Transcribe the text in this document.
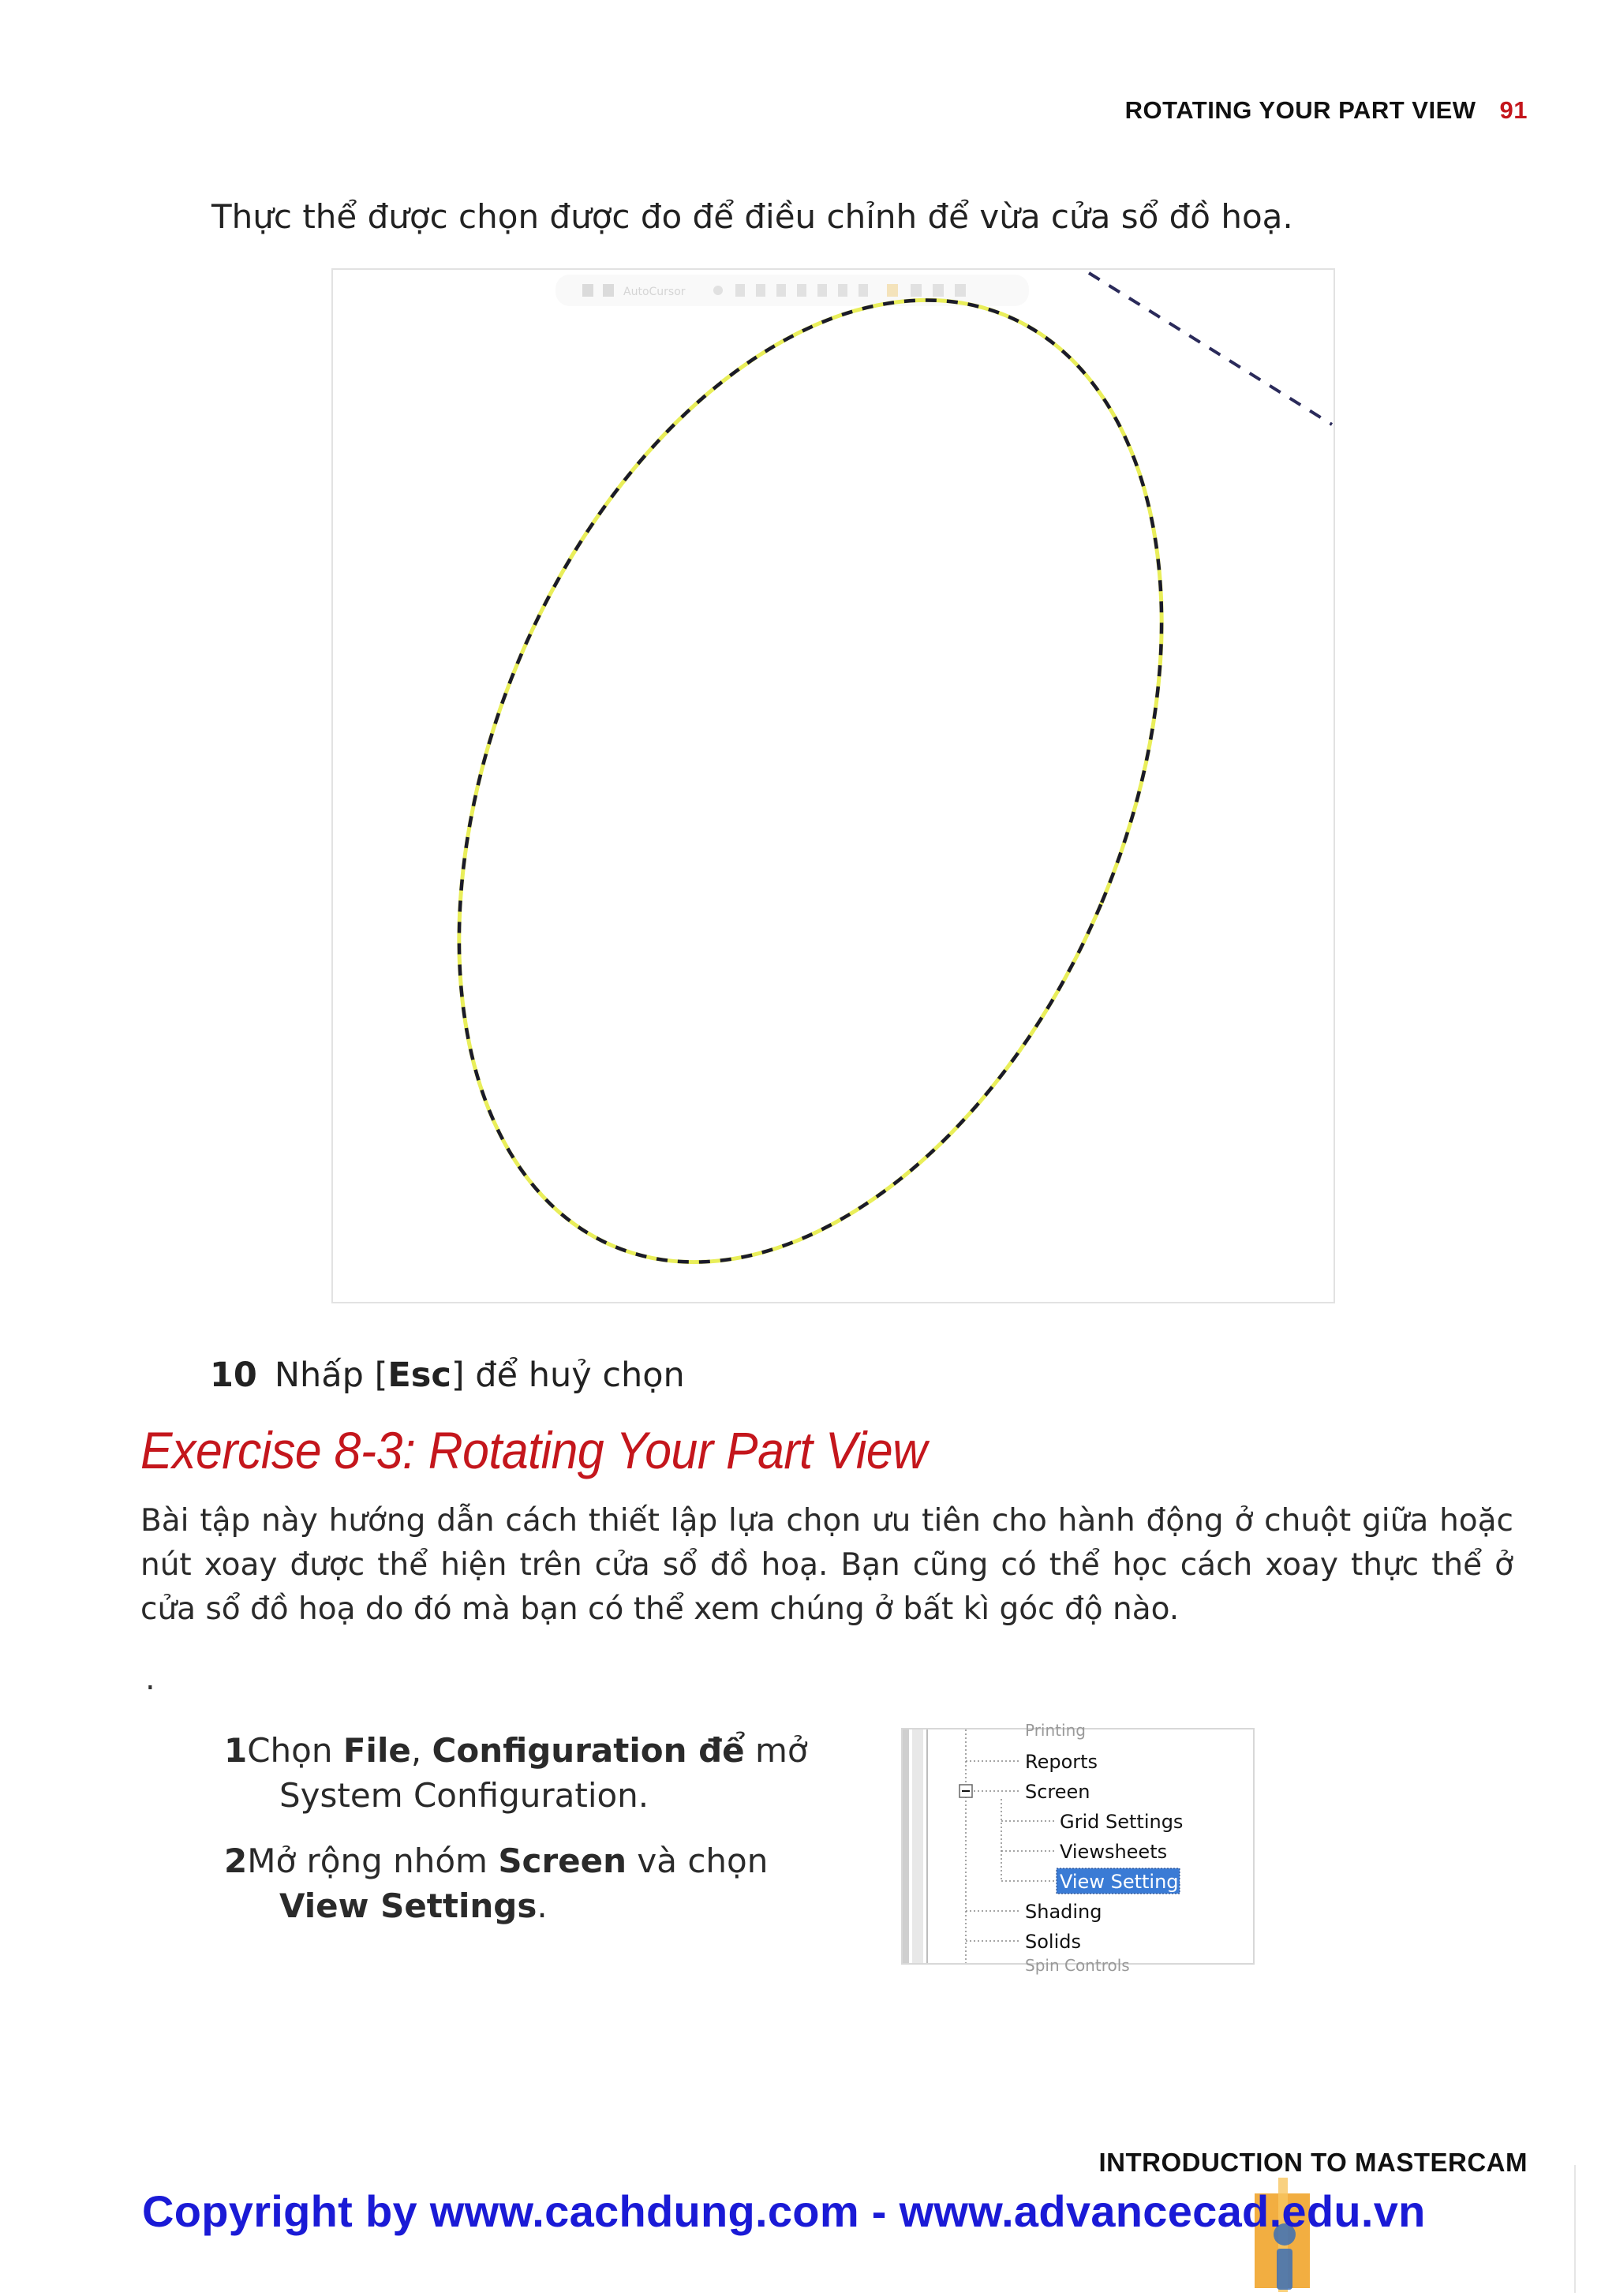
ROTATING YOUR PART VIEW 91
Thực thể được chọn được đo để điều chỉnh để vừa cửa sổ đồ hoạ.
AutoCursor
10 Nhấp [Esc] để huỷ chọn
Exercise 8-3: Rotating Your Part View
Bài tập này hướng dẫn cách thiết lập lựa chọn ưu tiên cho hành động ở chuột giữa hoặc nút xoay được thể hiện trên cửa sổ đồ hoạ. Bạn cũng có thể học cách xoay thực thể ở cửa sổ đồ hoạ do đó mà bạn có thể xem chúng ở bất kì góc độ nào.
.
1Chọn File, Configuration để mở
System Configuration.
2Mở rộng nhóm Screen và chọn
View Settings.
Printing
Reports
Screen
Grid Settings
Viewsheets
View Settings
Shading
Solids
Spin Controls
INTRODUCTION TO MASTERCAM
Copyright by www.cachdung.com - www.advancecad.edu.vn
